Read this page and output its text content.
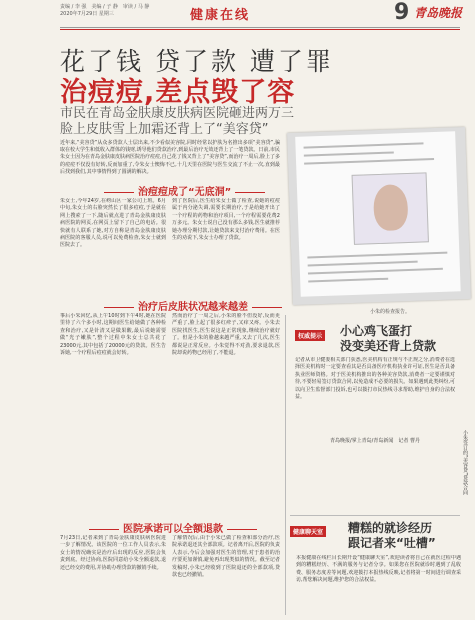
责编 / 李 强　美编 / 子 静　审读 / 马 静
2020年7月29日 星期三	健康在线	9 青岛晚报
花了钱 贷了款 遭了罪
治痘痘,差点毁了容
市民在青岛金肤康皮肤病医院砸进两万三
脸上皮肤雪上加霜还背上了“美容贷”
近年来,“美容贷”从众多贷款人士层出来,不少看似美容院,同时经常以护肤为名推出多项“美容贷”,骗取在校大学生和低收入群体的钱财,诱导他们贷款治疗,到最后治疗无效还背上了一笔贷款。日前,市民朱女士因为在青岛金肤康皮肤病医院治疗痘痘,自己花了钱又背上了“美容贷”,而治疗一周后,脸上了多的痘痘不仅没有好转,反而加重了,令朱女士懊悔不已,十几天里在医院与医生交流了不止一次,直到最后找到我们,其中事情得到了圆满的解决。
小朱的检查报告。
治痘痘成了“无底洞”
朱女士,今年24岁,在崂山区一家公司上班。6月中旬,朱女士的右脸突然长了很多痘痘,于是就在网上搜索了一下,随后就点进了青岛金肤康皮肤病医院的网页,在网页上留下了自己的电话。很快就有人联系了她,对方自称是青岛金肤康皮肤病医院的客服人员,说可以免费检查,朱女士就到医院去了。
到了医院后,医生给朱女士做了检查,说她的痘痘属于内分泌失调,需要长期治疗,于是给她开出了一个疗程的药物和治疗项目,一个疗程需要花费2万多元。朱女士说自己没有那么多钱,医生就推荐她办理分期付款,让她贷款来支付治疗费用。在医生的劝说下,朱女士办理了贷款。
治疗后皮肤状况越来越差
事后小朱回忆,从上午10时到下午4时,她在医院里待了六个多小时,这期间医生给她做了各种检查和治疗,又是针清又是做果酸,最后说她需要做“光子嫩肤”,整个过程中朱女士总共花了23000元,其中包括了20000元的贷款。医生告诉她,一个疗程后痘痘就会好转。
然而治疗了一周之后,小朱的脸不但没好,反而更严重了,脸上起了很多红疹子,又痒又疼。小朱去医院找医生,医生说这是正常现象,继续治疗就好了。但是小朱的脸越来越严重,又去了几次,医生都说是正常反应。小朱觉得不对劲,要求退款,医院却说药物已经用了,不能退。
医院承诺可以全额退款
7月23日,记者来到了青岛金肤康皮肤病医院进一步了解情况。该医院的一位工作人员表示,朱女士的情况确实是治疗后出现的反应,医院会负责到底。经过协商,医院同意给小朱全额退款,退还已经交的费用,并协助办理贷款的撤销手续。
了解情况后,由于小朱已做了检查和部分治疗,医院承诺退还其全部款项。记者离开后,医院的负责人表示,今后会加强对医生的管理,对于患者的治疗要更加谨慎,避免再出现类似的情况。截至记者发稿时,小朱已经收到了医院退还的全部款项,贷款也已经撤销。
权威提示 小心鸡飞蛋打
没变美还背上贷款
记者从市卫健委相关部门获悉,医美机构有正规与不正规之分,消费者在选择医美机构时一定要查看其是否具备医疗机构执业许可证,医生是否具备执业医师资格。对于医美机构推出的各种美容贷款,消费者一定要谨慎对待,不要轻易签订贷款合同,以免造成不必要的损失。如果遇到此类纠纷,可以向卫生监督部门投诉,也可以拨打市民热线寻求帮助,维护自身的合法权益。
青岛晚报/掌上青岛/青岛新闻　记者 曹丹	小朱签订的“美容贷”贷款合同
健康聊天室 糟糕的就诊经历
跟记者来“吐槽”
本报健康在线栏目长期开设“健康聊天室”,欢迎读者将自己在就医过程中遇到的糟糕经历、不满的服务与记者分享。如果您在医院就诊时遇到了乱收费、服务态度差等问题,欢迎拨打本报热线反映,记者将第一时间进行调查采访,帮您解决问题,维护您的合法权益。
